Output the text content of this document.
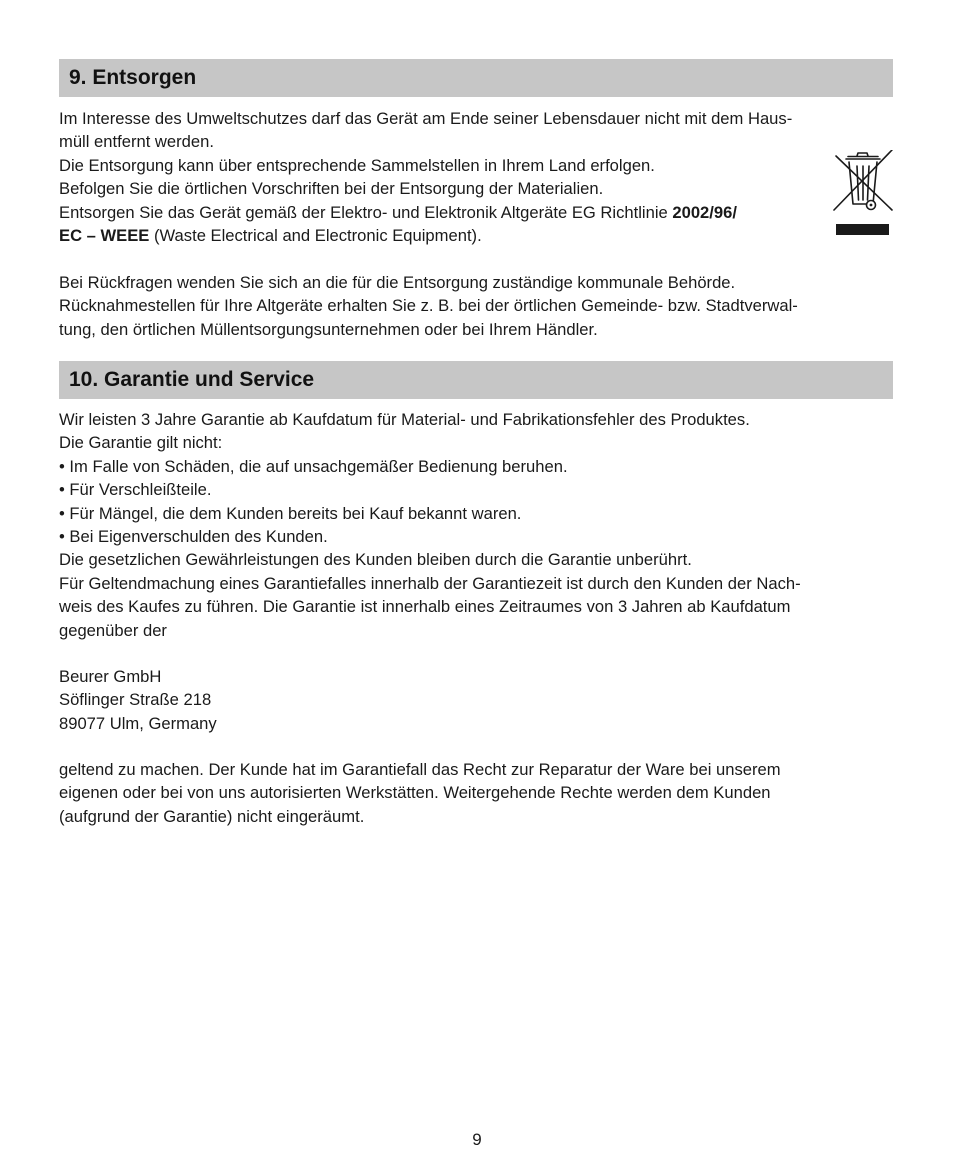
9. Entsorgen
Im Interesse des Umweltschutzes darf das Gerät am Ende seiner Lebensdauer nicht mit dem Haus-
müll entfernt werden.
Die Entsorgung kann über entsprechende Sammelstellen in Ihrem Land erfolgen.
Befolgen Sie die örtlichen Vorschriften bei der Entsorgung der Materialien.
Entsorgen Sie das Gerät gemäß der Elektro- und Elektronik Altgeräte EG Richtlinie 2002/96/
EC – WEEE (Waste Electrical and Electronic Equipment).
Bei Rückfragen wenden Sie sich an die für die Entsorgung zuständige kommunale Behörde.
Rücknahmestellen für Ihre Altgeräte erhalten Sie z. B. bei der örtlichen Gemeinde- bzw. Stadtverwal-
tung, den örtlichen Müllentsorgungsunternehmen oder bei Ihrem Händler.
10. Garantie und Service
Wir leisten 3 Jahre Garantie ab Kaufdatum für Material- und Fabrikationsfehler des Produktes.
Die Garantie gilt nicht:
• Im Falle von Schäden, die auf unsachgemäßer Bedienung beruhen.
• Für Verschleißteile.
• Für Mängel, die dem Kunden bereits bei Kauf bekannt waren.
• Bei Eigenverschulden des Kunden.
Die gesetzlichen Gewährleistungen des Kunden bleiben durch die Garantie unberührt.
Für Geltendmachung eines Garantiefalles innerhalb der Garantiezeit ist durch den Kunden der Nach-
weis des Kaufes zu führen. Die Garantie ist innerhalb eines Zeitraumes von 3 Jahren ab Kaufdatum
gegenüber der
Beurer GmbH
Söflinger Straße 218
89077 Ulm, Germany
geltend zu machen. Der Kunde hat im Garantiefall das Recht zur Reparatur der Ware bei unserem
eigenen oder bei von uns autorisierten Werkstätten. Weitergehende Rechte werden dem Kunden
(aufgrund der Garantie) nicht eingeräumt.
9
